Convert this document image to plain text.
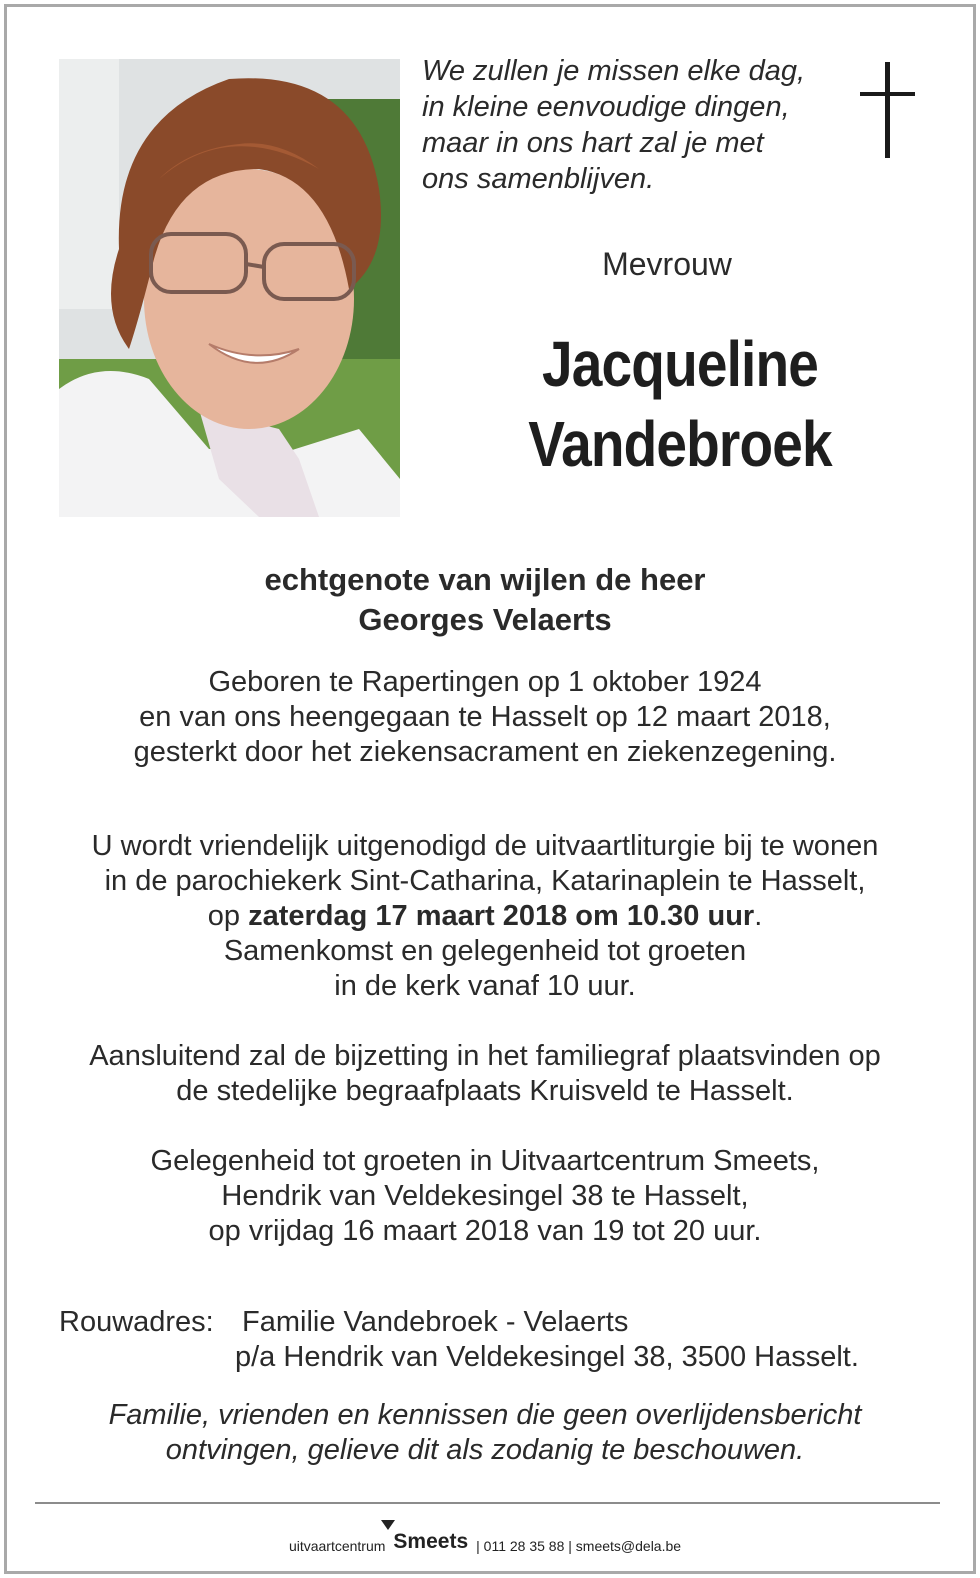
We zullen je missen elke dag,
in kleine eenvoudige dingen,
maar in ons hart zal je met
ons samenblijven.
Mevrouw
Jacqueline
Vandebroek
echtgenote van wijlen de heer
Georges Velaerts
Geboren te Rapertingen op 1 oktober 1924
en van ons heengegaan te Hasselt op 12 maart 2018,
gesterkt door het ziekensacrament en ziekenzegening.
U wordt vriendelijk uitgenodigd de uitvaartliturgie bij te wonen
in de parochiekerk Sint-Catharina, Katarinaplein te Hasselt,
op zaterdag 17 maart 2018 om 10.30 uur.
Samenkomst en gelegenheid tot groeten
in de kerk vanaf 10 uur.
Aansluitend zal de bijzetting in het familiegraf plaatsvinden op
de stedelijke begraafplaats Kruisveld te Hasselt.
Gelegenheid tot groeten in Uitvaartcentrum Smeets,
Hendrik van Veldekesingel 38 te Hasselt,
op vrijdag 16 maart 2018 van 19 tot 20 uur.
Rouwadres: Familie Vandebroek - Velaerts
p/a Hendrik van Veldekesingel 38, 3500 Hasselt.
Familie, vrienden en kennissen die geen overlijdensbericht
ontvingen, gelieve dit als zodanig te beschouwen.
uitvaartcentrum Smeets | 011 28 35 88 | smeets@dela.be
